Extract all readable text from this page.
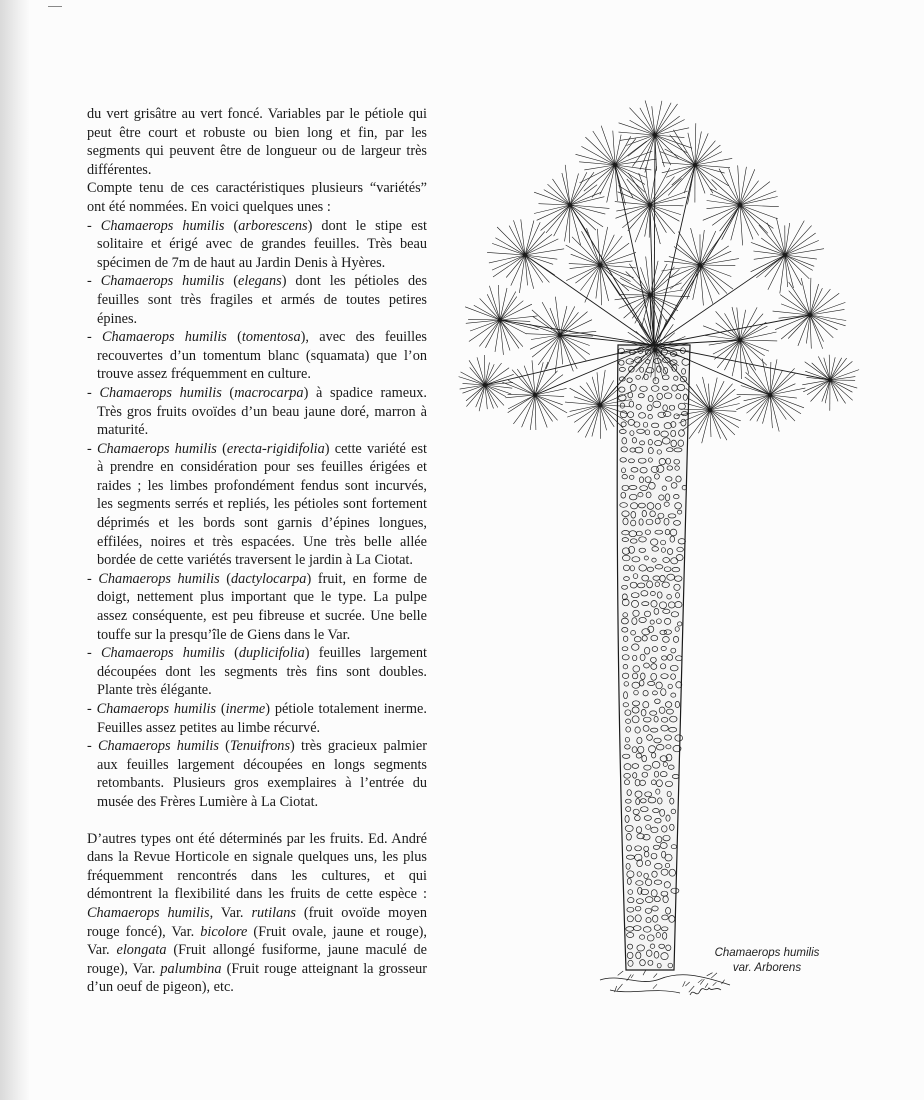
du vert grisâtre au vert foncé. Variables par le pétiole qui peut être court et robuste ou bien long et fin, par les segments qui peuvent être de longueur ou de largeur très différentes.

Compte tenu de ces caractéristiques plusieurs “variétés” ont été nommées. En voici quelques unes :

- Chamaerops humilis (arborescens) dont le stipe est solitaire et érigé avec de grandes feuilles. Très beau spécimen de 7m de haut au Jardin Denis à Hyères.

- Chamaerops humilis (elegans) dont les pétioles des feuilles sont très fragiles et armés de toutes petires épines.

- Chamaerops humilis (tomentosa), avec des feuilles recouvertes d’un tomentum blanc (squamata) que l’on trouve assez fréquemment en culture.

- Chamaerops humilis (macrocarpa) à spadice rameux. Très gros fruits ovoïdes d’un beau jaune doré, marron à maturité.

- Chamaerops humilis (erecta-rigidifolia) cette variété est à prendre en considération pour ses feuilles érigées et raides ; les limbes profondément fendus sont incurvés, les segments serrés et repliés, les pétioles sont fortement déprimés et les bords sont garnis d’épines longues, effilées, noires et très espacées. Une très belle allée bordée de cette variétés traversent le jardin à La Ciotat.

- Chamaerops humilis (dactylocarpa) fruit, en forme de doigt, nettement plus important que le type. La pulpe assez conséquente, est peu fibreuse et sucrée. Une belle touffe sur la presqu’île de Giens dans le Var.

- Chamaerops humilis (duplicifolia) feuilles largement découpées dont les segments très fins sont doubles. Plante très élégante.

- Chamaerops humilis (inerme) pétiole totalement inerme. Feuilles assez petites au limbe récurvé.

- Chamaerops humilis (Tenuifrons) très gracieux palmier aux feuilles largement découpées en longs segments retombants. Plusieurs gros exemplaires à l’entrée du musée des Frères Lumière à La Ciotat.

D’autres types ont été déterminés par les fruits. Ed. André dans la Revue Horticole en signale quelques uns, les plus fréquemment rencontrés dans les cultures, et qui démontrent la flexibilité dans les fruits de cette espèce : Chamaerops humilis, Var. rutilans (fruit ovoïde moyen rouge foncé), Var. bicolore (Fruit ovale, jaune et rouge), Var. elongata (Fruit allongé fusiforme, jaune maculé de rouge), Var. palumbina (Fruit rouge atteignant la grosseur d’un oeuf de pigeon), etc.

Chamaerops humilis
var. Arborens
